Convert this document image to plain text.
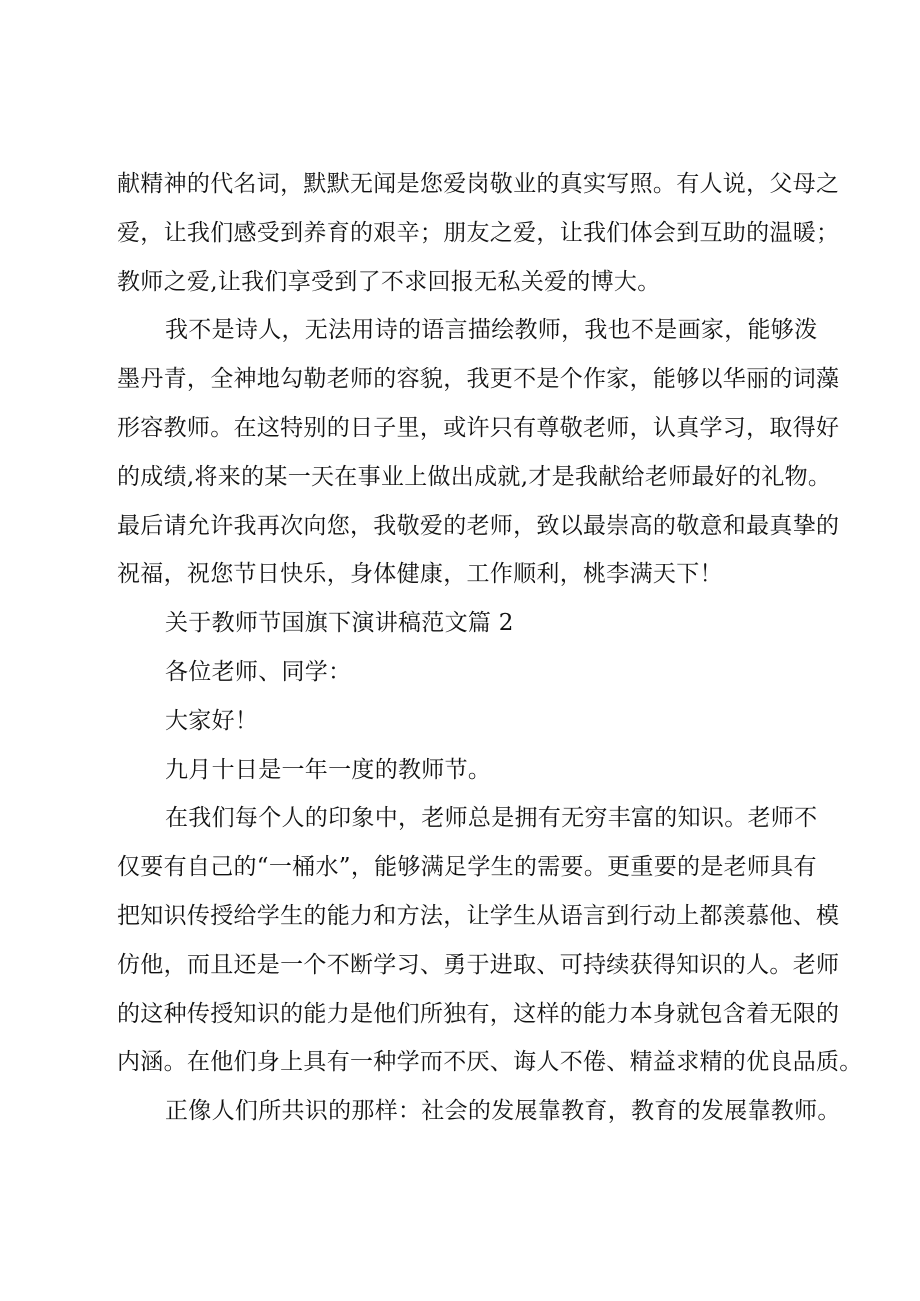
献精神的代名词，默默无闻是您爱岗敬业的真实写照。有人说，父母之
爱，让我们感受到养育的艰辛；朋友之爱，让我们体会到互助的温暖；
教师之爱,让我们享受到了不求回报无私关爱的博大。

我不是诗人，无法用诗的语言描绘教师，我也不是画家，能够泼
墨丹青，全神地勾勒老师的容貌，我更不是个作家，能够以华丽的词藻
形容教师。在这特别的日子里，或许只有尊敬老师，认真学习，取得好
的成绩,将来的某一天在事业上做出成就,才是我献给老师最好的礼物。
最后请允许我再次向您，我敬爱的老师，致以最崇高的敬意和最真挚的
祝福，祝您节日快乐，身体健康，工作顺利，桃李满天下！

关于教师节国旗下演讲稿范文篇 2

各位老师、同学：

大家好！

九月十日是一年一度的教师节。

在我们每个人的印象中，老师总是拥有无穷丰富的知识。老师不
仅要有自己的“一桶水”，能够满足学生的需要。更重要的是老师具有
把知识传授给学生的能力和方法，让学生从语言到行动上都羡慕他、模
仿他，而且还是一个不断学习、勇于进取、可持续获得知识的人。老师
的这种传授知识的能力是他们所独有，这样的能力本身就包含着无限的
内涵。在他们身上具有一种学而不厌、诲人不倦、精益求精的优良品质。

正像人们所共识的那样：社会的发展靠教育，教育的发展靠教师。
